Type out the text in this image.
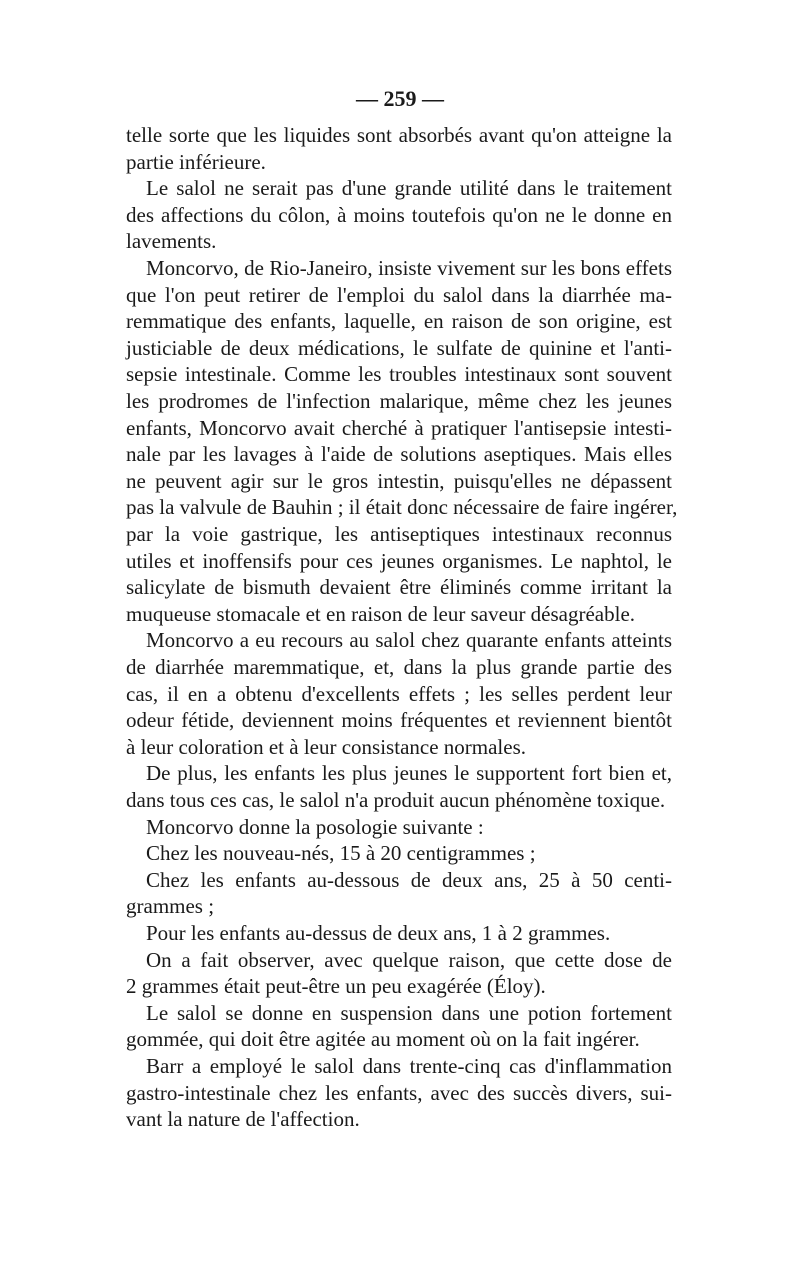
— 259 —
telle sorte que les liquides sont absorbés avant qu'on atteigne la
partie inférieure.
Le salol ne serait pas d'une grande utilité dans le traitement
des affections du côlon, à moins toutefois qu'on ne le donne en
lavements.
Moncorvo, de Rio-Janeiro, insiste vivement sur les bons effets
que l'on peut retirer de l'emploi du salol dans la diarrhée ma-
remmatique des enfants, laquelle, en raison de son origine, est
justiciable de deux médications, le sulfate de quinine et l'anti-
sepsie intestinale. Comme les troubles intestinaux sont souvent
les prodromes de l'infection malarique, même chez les jeunes
enfants, Moncorvo avait cherché à pratiquer l'antisepsie intesti-
nale par les lavages à l'aide de solutions aseptiques. Mais elles
ne peuvent agir sur le gros intestin, puisqu'elles ne dépassent
pas la valvule de Bauhin ; il était donc nécessaire de faire ingérer,
par la voie gastrique, les antiseptiques intestinaux reconnus
utiles et inoffensifs pour ces jeunes organismes. Le naphtol, le
salicylate de bismuth devaient être éliminés comme irritant la
muqueuse stomacale et en raison de leur saveur désagréable.
Moncorvo a eu recours au salol chez quarante enfants atteints
de diarrhée maremmatique, et, dans la plus grande partie des
cas, il en a obtenu d'excellents effets ; les selles perdent leur
odeur fétide, deviennent moins fréquentes et reviennent bientôt
à leur coloration et à leur consistance normales.
De plus, les enfants les plus jeunes le supportent fort bien et,
dans tous ces cas, le salol n'a produit aucun phénomène toxique.
Moncorvo donne la posologie suivante :
Chez les nouveau-nés, 15 à 20 centigrammes ;
Chez les enfants au-dessous de deux ans, 25 à 50 centi-
grammes ;
Pour les enfants au-dessus de deux ans, 1 à 2 grammes.
On a fait observer, avec quelque raison, que cette dose de
2 grammes était peut-être un peu exagérée (Éloy).
Le salol se donne en suspension dans une potion fortement
gommée, qui doit être agitée au moment où on la fait ingérer.
Barr a employé le salol dans trente-cinq cas d'inflammation
gastro-intestinale chez les enfants, avec des succès divers, sui-
vant la nature de l'affection.
